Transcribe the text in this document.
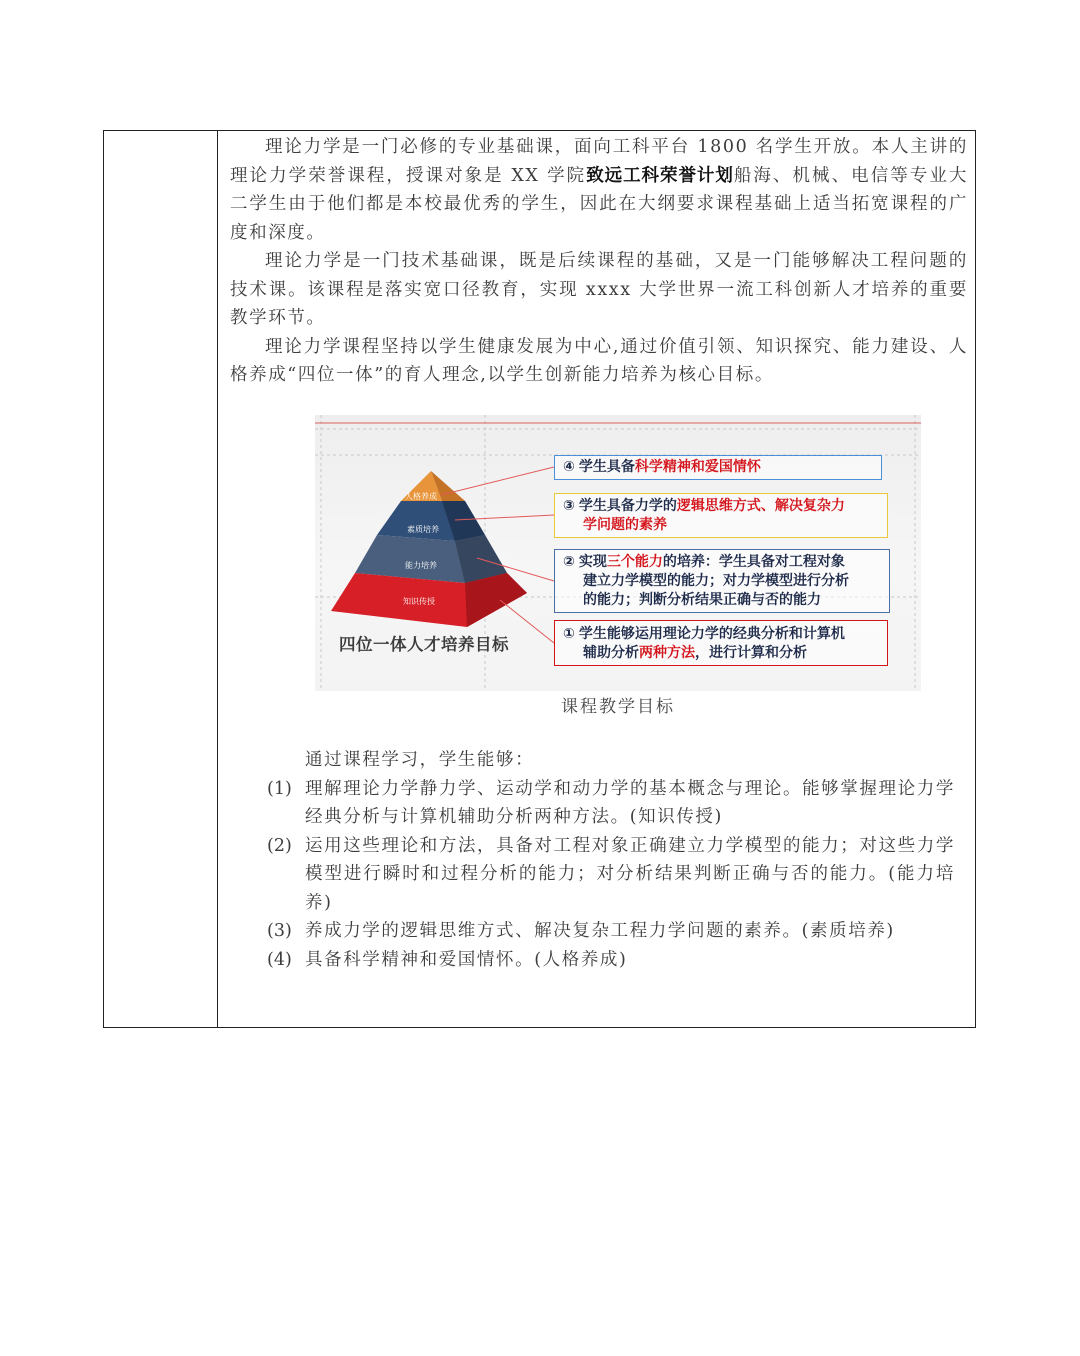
理论力学是一门必修的专业基础课，面向工科平台 1800 名学生开放。本人主讲的理论力学荣誉课程，授课对象是 XX 学院致远工科荣誉计划船海、机械、电信等专业大二学生由于他们都是本校最优秀的学生，因此在大纲要求课程基础上适当拓宽课程的广度和深度。

理论力学是一门技术基础课，既是后续课程的基础，又是一门能够解决工程问题的技术课。该课程是落实宽口径教育，实现 xxxx 大学世界一流工科创新人才培养的重要教学环节。

理论力学课程坚持以学生健康发展为中心,通过价值引领、知识探究、能力建设、人格养成“四位一体”的育人理念,以学生创新能力培养为核心目标。

人格养成
素质培养
能力培养
知识传授
四位一体人才培养目标
④ 学生具备科学精神和爱国情怀
③ 学生具备力学的逻辑思维方式、解决复杂力
学问题的素养
② 实现三个能力的培养：学生具备对工程对象
建立力学模型的能力；对力学模型进行分析
的能力；判断分析结果正确与否的能力
① 学生能够运用理论力学的经典分析和计算机
辅助分析两种方法，进行计算和分析
课程教学目标

通过课程学习，学生能够：

(1) 理解理论力学静力学、运动学和动力学的基本概念与理论。能够掌握理论力学经典分析与计算机辅助分析两种方法。(知识传授)
(2) 运用这些理论和方法，具备对工程对象正确建立力学模型的能力；对这些力学模型进行瞬时和过程分析的能力；对分析结果判断正确与否的能力。(能力培养)
(3) 养成力学的逻辑思维方式、解决复杂工程力学问题的素养。(素质培养)
(4) 具备科学精神和爱国情怀。(人格养成)
